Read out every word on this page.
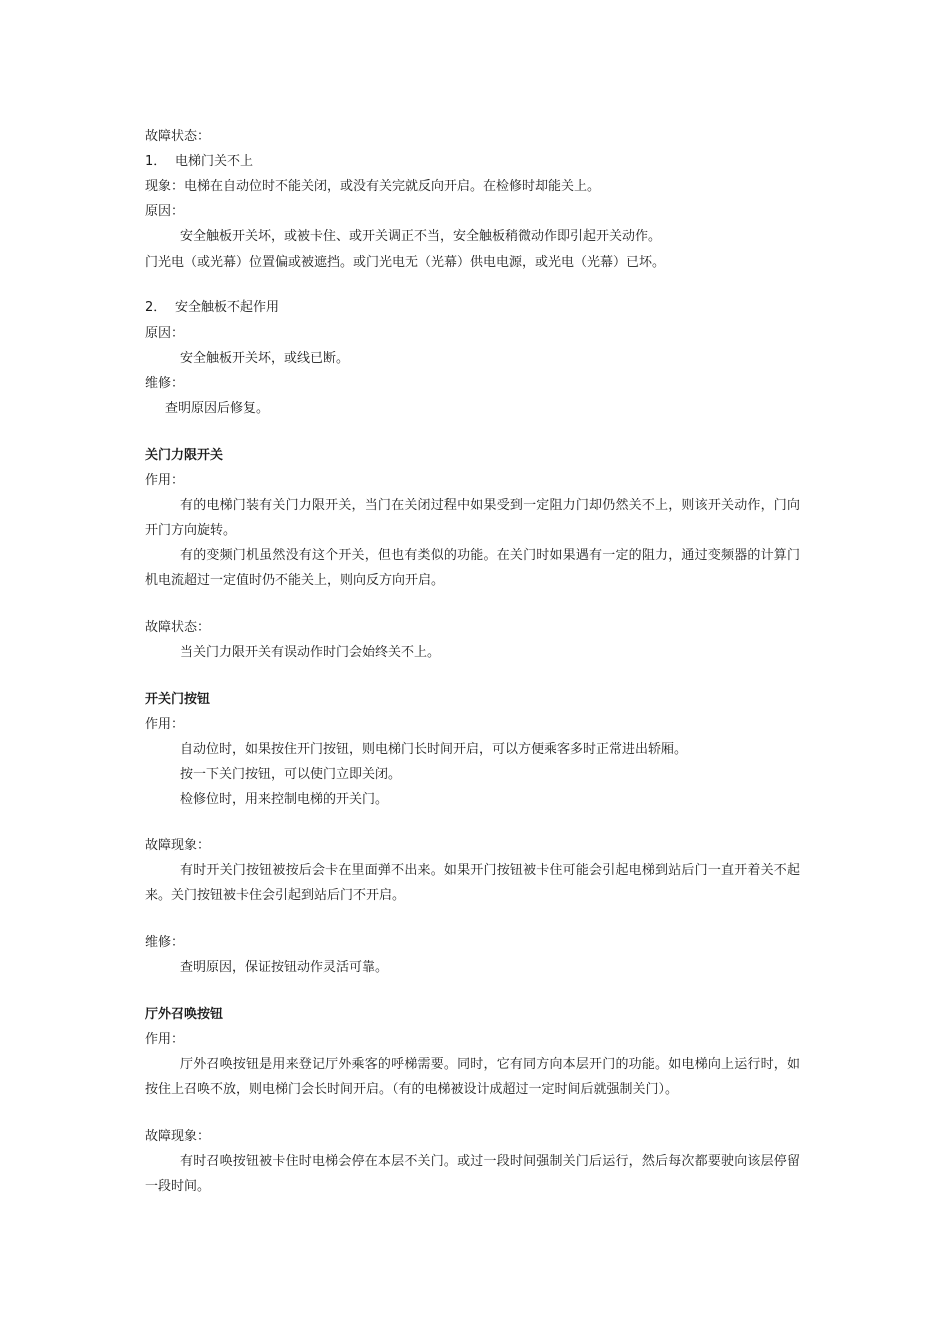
故障状态：
1． 电梯门关不上
现象：电梯在自动位时不能关闭，或没有关完就反向开启。在检修时却能关上。
原因：
安全触板开关坏，或被卡住、或开关调正不当，安全触板稍微动作即引起开关动作。
门光电（或光幕）位置偏或被遮挡。或门光电无（光幕）供电电源，或光电（光幕）已坏。
2． 安全触板不起作用
原因：
安全触板开关坏，或线已断。
维修：
查明原因后修复。
关门力限开关
作用：
有的电梯门装有关门力限开关，当门在关闭过程中如果受到一定阻力门却仍然关不上，则该开关动作，门向开门方向旋转。
有的变频门机虽然没有这个开关，但也有类似的功能。在关门时如果遇有一定的阻力，通过变频器的计算门机电流超过一定值时仍不能关上，则向反方向开启。
故障状态：
当关门力限开关有误动作时门会始终关不上。
开关门按钮
作用：
自动位时，如果按住开门按钮，则电梯门长时间开启，可以方便乘客多时正常进出轿厢。
按一下关门按钮，可以使门立即关闭。
检修位时，用来控制电梯的开关门。
故障现象：
有时开关门按钮被按后会卡在里面弹不出来。如果开门按钮被卡住可能会引起电梯到站后门一直开着关不起来。关门按钮被卡住会引起到站后门不开启。
维修：
查明原因，保证按钮动作灵活可靠。
厅外召唤按钮
作用：
厅外召唤按钮是用来登记厅外乘客的呼梯需要。同时，它有同方向本层开门的功能。如电梯向上运行时，如按住上召唤不放，则电梯门会长时间开启。（有的电梯被设计成超过一定时间后就强制关门）。
故障现象：
有时召唤按钮被卡住时电梯会停在本层不关门。或过一段时间强制关门后运行，然后每次都要驶向该层停留一段时间。
